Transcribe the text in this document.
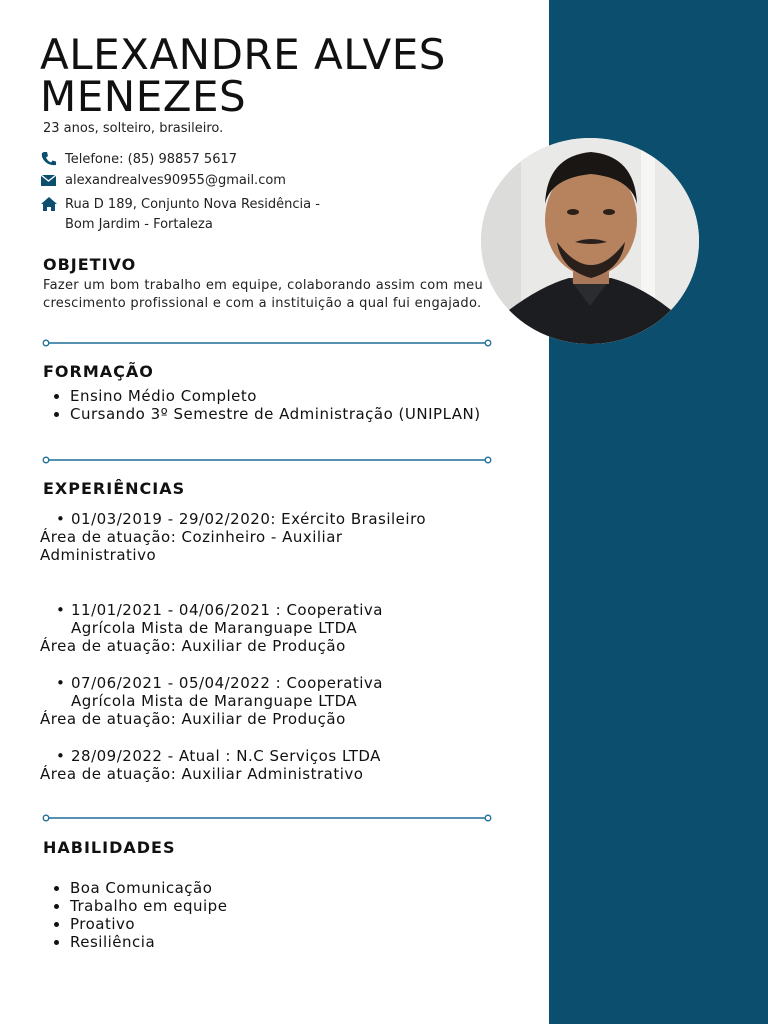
ALEXANDRE ALVES
MENEZES
23 anos, solteiro, brasileiro.
Telefone: (85) 98857 5617
alexandrealves90955@gmail.com
Rua D 189, Conjunto Nova Residência -
Bom Jardim - Fortaleza
OBJETIVO
Fazer um bom trabalho em equipe, colaborando assim com meu crescimento profissional e com a instituição a qual fui engajado.
FORMAÇÃO
• Ensino Médio Completo
• Cursando 3º Semestre de Administração (UNIPLAN)
EXPERIÊNCIAS
• 01/03/2019 - 29/02/2020: Exército Brasileiro
Área de atuação: Cozinheiro - Auxiliar Administrativo
• 11/01/2021 - 04/06/2021 : Cooperativa Agrícola Mista de Maranguape LTDA
Área de atuação: Auxiliar de Produção
• 07/06/2021 - 05/04/2022 : Cooperativa Agrícola Mista de Maranguape LTDA
Área de atuação: Auxiliar de Produção
• 28/09/2022 - Atual : N.C Serviços LTDA
Área de atuação: Auxiliar Administrativo
HABILIDADES
• Boa Comunicação
• Trabalho em equipe
• Proativo
• Resiliência
